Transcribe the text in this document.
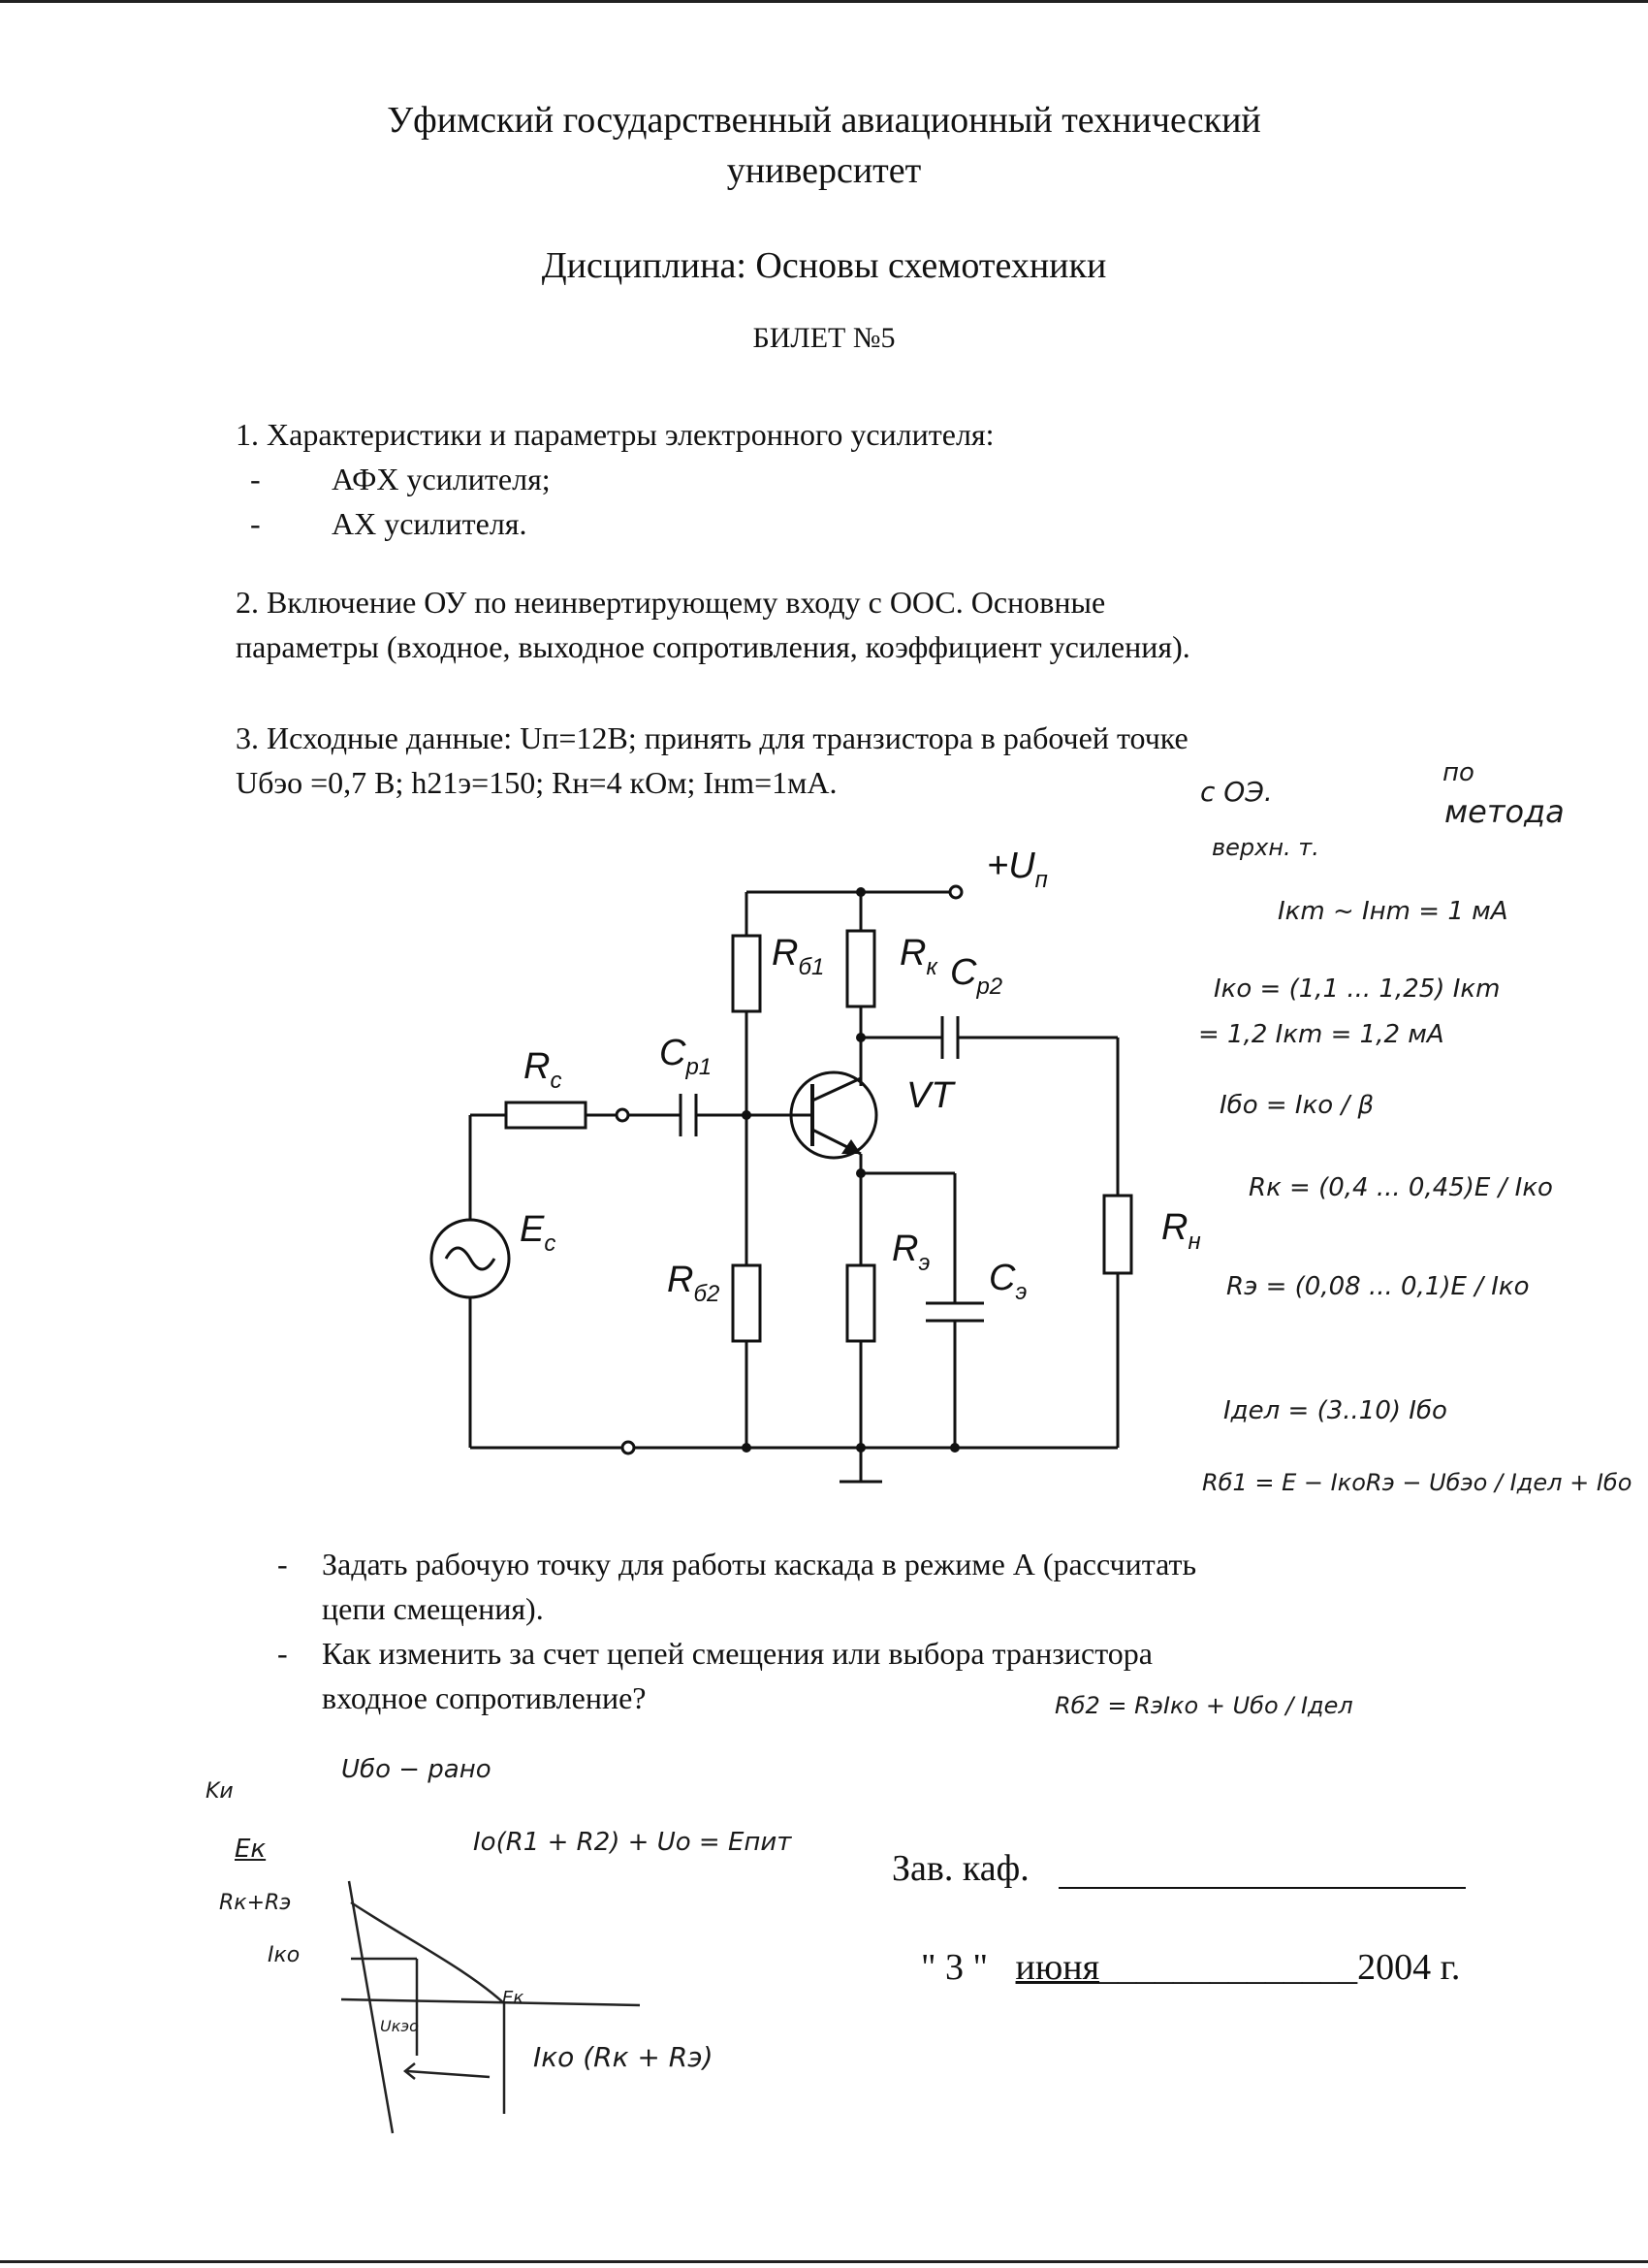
Уфимский государственный авиационный технический
университет
Дисциплина: Основы схемотехники
БИЛЕТ №5
1. Характеристики и параметры электронного усилителя:
-	АФХ усилителя;
-	АХ усилителя.
2. Включение ОУ по неинвертирующему входу с ООС. Основные
параметры (входное, выходное сопротивления, коэффициент усиления).
3. Исходные данные: Uп=12В; принять для транзистора в рабочей точке
Uбэо =0,7 В; h21э=150; Rн=4 кОм; Iнm=1мА.
$+U_п$
$R_{б1}$ $R_к$ $C_{р2}$
$R_с$
$C_{р1}$
VT
$E_с$	$R_н$
$R_{б2}$
$R_э$ $C_э$
- Задать рабочую точку для работы каскада в режиме А (рассчитать
цепи смещения).
- Как изменить за счет цепей смещения или выбора транзистора
входное сопротивление?
Зав. каф.
" 3 " июня______________2004 г.
с ОЭ.
по
метода
верхн. т.
Iкm ~ Iнm = 1 мА
Iко = (1,1 ... 1,25) Iкm
= 1,2 Iкm = 1,2 мА
Iбо = Iко / β
Rк = (0,4 ... 0,45)E / Iко
Rэ = (0,08 ... 0,1)E / Iко
Iдел = (3..10) Iбо
Rб1 = E − IкоRэ − Uбэо / Iдел + Iбо
Rб2 = RэIко + Uбо / Iдел
Uбо − рано
Kи
Eк
Rк+Rэ
Iко
Iо(R1 + R2) + Uо = Eпит
Eк
Uкэо
Iко (Rк + Rэ)
